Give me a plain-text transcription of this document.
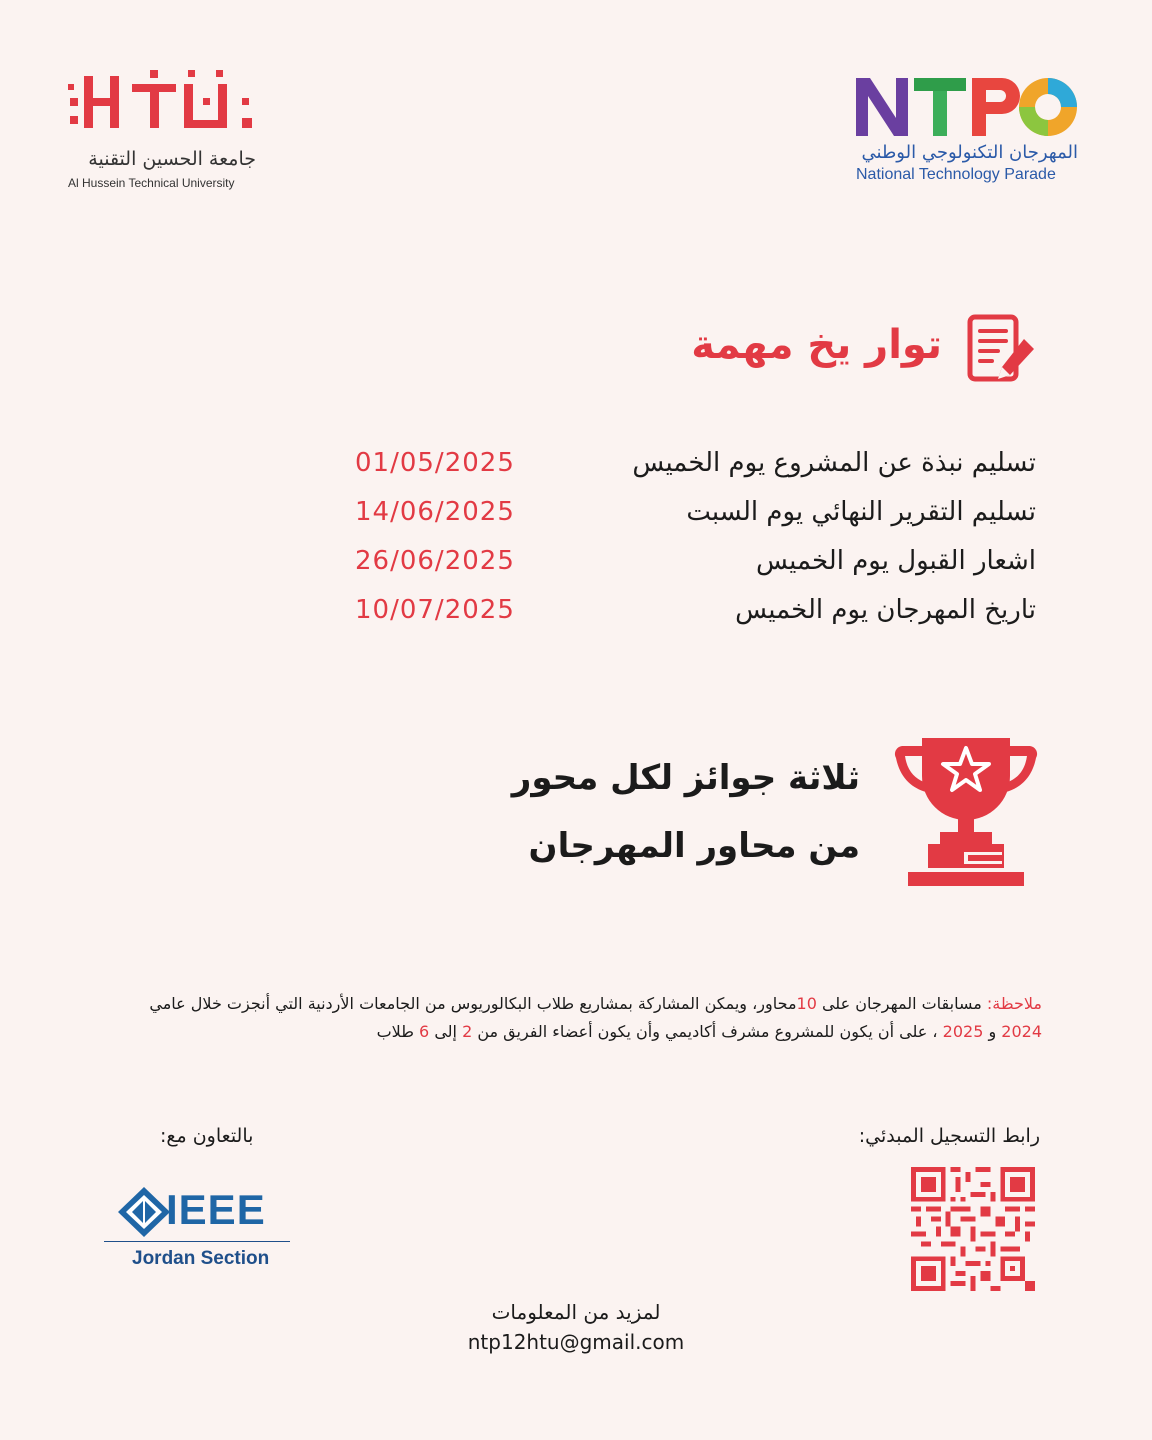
جامعة الحسين التقنية
Al Hussein Technical University
المهرجان التكنولوجي الوطني
National Technology Parade
توار يخ مهمة
تسليم نبذة عن المشروع يوم الخميس
01/05/2025
تسليم التقرير النهائي يوم السبت
14/06/2025
اشعار القبول يوم الخميس
26/06/2025
تاريخ المهرجان يوم الخميس
10/07/2025
ثلاثة جوائز لكل محور
من محاور المهرجان
ملاحظة: مسابقات المهرجان على 10محاور، ويمكن المشاركة بمشاريع طلاب البكالوريوس من الجامعات الأردنية التي أنجزت خلال عامي 2024 و 2025 ، على أن يكون للمشروع مشرف أكاديمي وأن يكون أعضاء الفريق من 2 إلى 6 طلاب
رابط التسجيل المبدئي:
بالتعاون مع:
IEEE
Jordan Section
لمزيد من المعلومات
ntp12htu@gmail.com
